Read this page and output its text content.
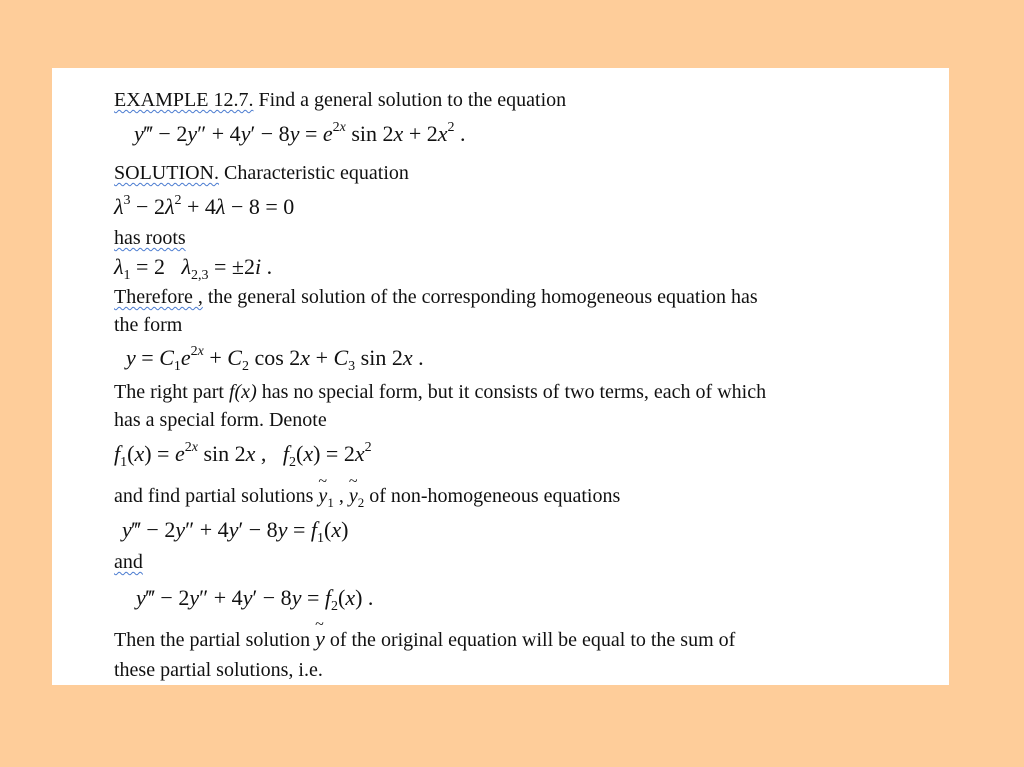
EXAMPLE 12.7. Find a general solution to the equation
y‴ − $2y'' + 4y' - 8y = e^{2x}$ $\sin 2x + 2x^2$ .
SOLUTION. Characteristic equation
$\lambda^3 - 2\lambda^2 + 4\lambda - 8 = 0$
has roots
$\lambda_1 = 2$   $\lambda_{2,3} = \pm 2i$ .
Therefore , the general solution of the corresponding homogeneous equation has
the form
$y = C_1e^{2x} + C_2$ $\cos 2x + C_3$ sin 2x .
The right part f(x) has no special form, but it consists of two terms, each of which
has a special form. Denote
$f_1(x) = e^{2x}$ sin 2x ,   $f_2(x) = 2x^2$
and find partial solutions ~ $y_1$ , ~ $y_2$ of non-homogeneous equations
y‴ − $2y'' + 4y' - 8y = f_1(x)$
and
y‴ − $2y'' + 4y' - 8y = f_2(x)$ .
Then the partial solution ~ y of the original equation will be equal to the sum of
these partial solutions, i.e.
